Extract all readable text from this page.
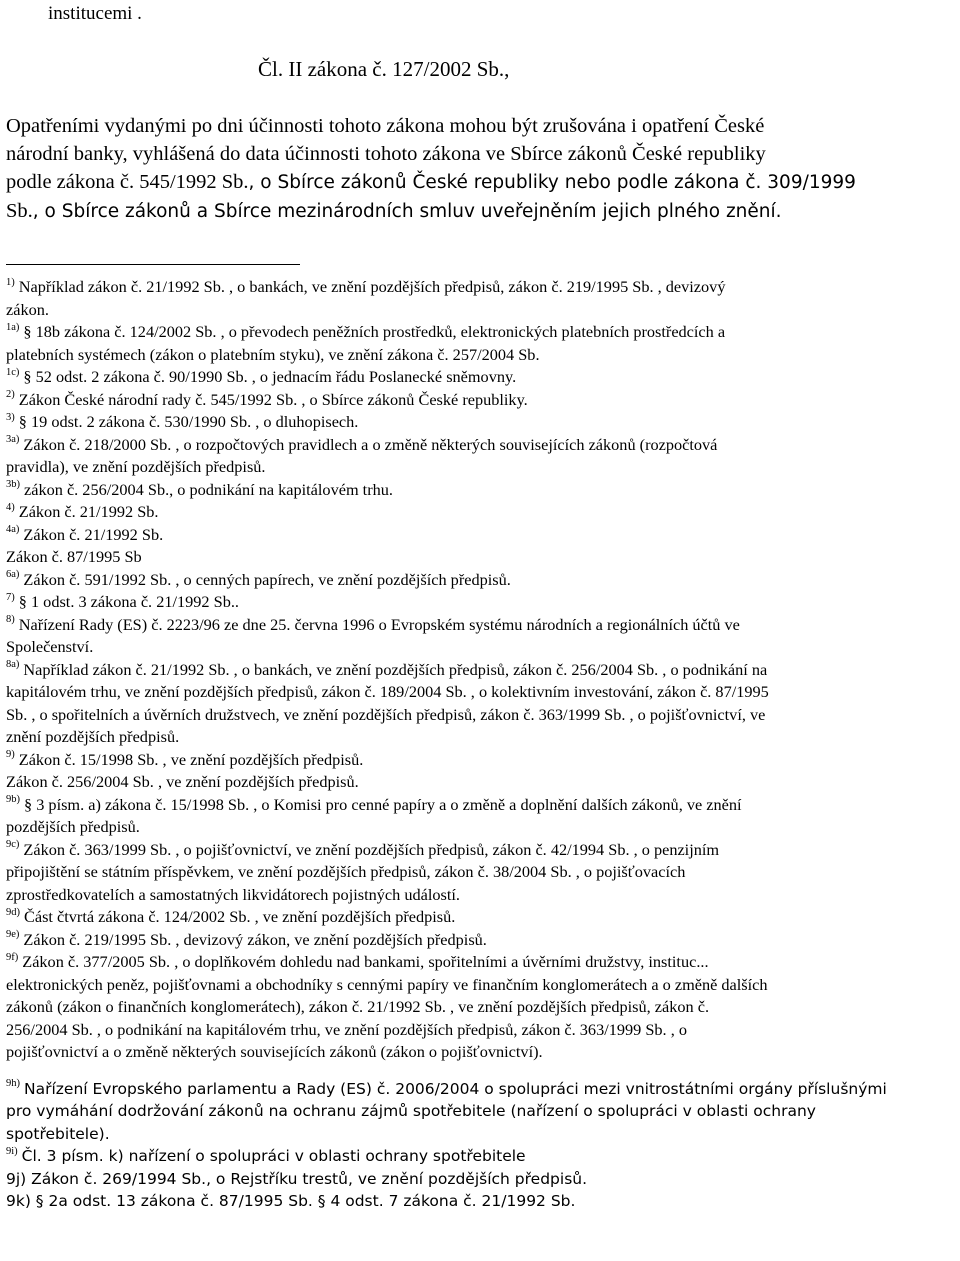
institucemi .
Čl. II zákona č. 127/2002 Sb.,
Opatřeními vydanými po dni účinnosti tohoto zákona mohou být zrušována i opatření České
národní banky, vyhlášená do data účinnosti tohoto zákona ve Sbírce zákonů České republiky
podle zákona č. 545/1992 Sb., o Sbírce zákonů České republiky nebo podle zákona č. 309/1999
Sb., o Sbírce zákonů a Sbírce mezinárodních smluv uveřejněním jejich plného znění.
$^{1)}$ Například zákon č. 21/1992 Sb. , o bankách, ve znění pozdějších předpisů, zákon č. 219/1995 Sb. , devizový
zákon.
$^{1a)}$ § 18b zákona č. 124/2002 Sb. , o převodech peněžních prostředků, elektronických platebních prostředcích a
platebních systémech (zákon o platebním styku), ve znění zákona č. 257/2004 Sb.
$^{1c)}$ § 52 odst. 2 zákona č. 90/1990 Sb. , o jednacím řádu Poslanecké sněmovny.
$^{2)}$ Zákon České národní rady č. 545/1992 Sb. , o Sbírce zákonů České republiky.
$^{3)}$ § 19 odst. 2 zákona č. 530/1990 Sb. , o dluhopisech.
$^{3a)}$ Zákon č. 218/2000 Sb. , o rozpočtových pravidlech a o změně některých souvisejících zákonů (rozpočtová
pravidla), ve znění pozdějších předpisů.
$^{3b)}$ zákon č. 256/2004 Sb., o podnikání na kapitálovém trhu.
$^{4)}$ Zákon č. 21/1992 Sb.
$^{4a)}$ Zákon č. 21/1992 Sb.
Zákon č. 87/1995 Sb
$^{6a)}$ Zákon č. 591/1992 Sb. , o cenných papírech, ve znění pozdějších předpisů.
$^{7)}$ § 1 odst. 3 zákona č. 21/1992 Sb..
$^{8)}$ Nařízení Rady (ES) č. 2223/96 ze dne 25. června 1996 o Evropském systému národních a regionálních účtů ve
Společenství.
$^{8a)}$ Například zákon č. 21/1992 Sb. , o bankách, ve znění pozdějších předpisů, zákon č. 256/2004 Sb. , o podnikání na
kapitálovém trhu, ve znění pozdějších předpisů, zákon č. 189/2004 Sb. , o kolektivním investování, zákon č. 87/1995
Sb. , o spořitelních a úvěrních družstvech, ve znění pozdějších předpisů, zákon č. 363/1999 Sb. , o pojišťovnictví, ve
znění pozdějších předpisů.
$^{9)}$ Zákon č. 15/1998 Sb. , ve znění pozdějších předpisů.
Zákon č. 256/2004 Sb. , ve znění pozdějších předpisů.
$^{9b)}$ § 3 písm. a) zákona č. 15/1998 Sb. , o Komisi pro cenné papíry a o změně a doplnění dalších zákonů, ve znění
pozdějších předpisů.
$^{9c)}$ Zákon č. 363/1999 Sb. , o pojišťovnictví, ve znění pozdějších předpisů, zákon č. 42/1994 Sb. , o penzijním
připojištění se státním příspěvkem, ve znění pozdějších předpisů, zákon č. 38/2004 Sb. , o pojišťovacích
zprostředkovatelích a samostatných likvidátorech pojistných událostí.
$^{9d)}$ Část čtvrtá zákona č. 124/2002 Sb. , ve znění pozdějších předpisů.
$^{9e)}$ Zákon č. 219/1995 Sb. , devizový zákon, ve znění pozdějších předpisů.
$^{9f)}$ Zákon č. 377/2005 Sb. , o doplňkovém dohledu nad bankami, spořitelními a úvěrními družstvy, instituc...
elektronických peněz, pojišťovnami a obchodníky s cennými papíry ve finančním konglomerátech a o změně dalších
zákonů (zákon o finančních konglomerátech), zákon č. 21/1992 Sb. , ve znění pozdějších předpisů, zákon č.
256/2004 Sb. , o podnikání na kapitálovém trhu, ve znění pozdějších předpisů, zákon č. 363/1999 Sb. , o
pojišťovnictví a o změně některých souvisejících zákonů (zákon o pojišťovnictví).
$^{9h)}$ Nařízení Evropského parlamentu a Rady (ES) č. 2006/2004 o spolupráci mezi vnitrostátními orgány příslušnými
pro vymáhání dodržování zákonů na ochranu zájmů spotřebitele (nařízení o spolupráci v oblasti ochrany
spotřebitele).
$^{9i)}$ Čl. 3 písm. k) nařízení o spolupráci v oblasti ochrany spotřebitele
9j) Zákon č. 269/1994 Sb., o Rejstříku trestů, ve znění pozdějších předpisů.
9k) § 2a odst. 13 zákona č. 87/1995 Sb. § 4 odst. 7 zákona č. 21/1992 Sb.
